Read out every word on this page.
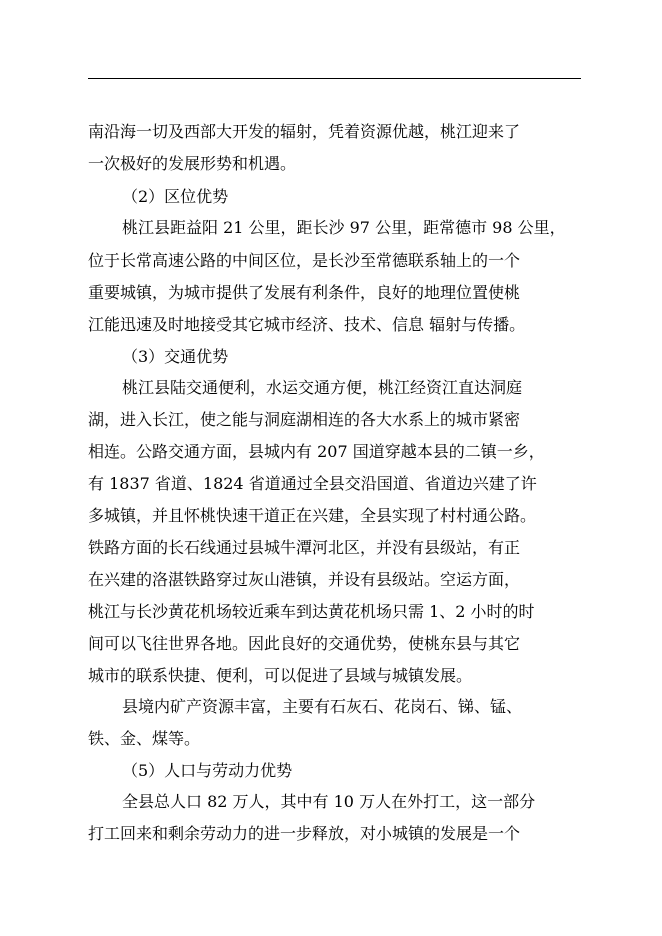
南沿海一切及西部大开发的辐射，凭着资源优越，桃江迎来了
一次极好的发展形势和机遇。
（2）区位优势
桃江县距益阳 21 公里，距长沙 97 公里，距常德市 98 公里，
位于长常高速公路的中间区位，是长沙至常德联系轴上的一个
重要城镇，为城市提供了发展有利条件，良好的地理位置使桃
江能迅速及时地接受其它城市经济、技术、信息 辐射与传播。
（3）交通优势
桃江县陆交通便利，水运交通方便，桃江经资江直达洞庭
湖，进入长江，使之能与洞庭湖相连的各大水系上的城市紧密
相连。公路交通方面，县城内有 207 国道穿越本县的二镇一乡，
有 1837 省道、1824 省道通过全县交沿国道、省道边兴建了许
多城镇，并且怀桃快速干道正在兴建，全县实现了村村通公路。
铁路方面的长石线通过县城牛潭河北区，并没有县级站，有正
在兴建的洛湛铁路穿过灰山港镇，并设有县级站。空运方面，
桃江与长沙黄花机场较近乘车到达黄花机场只需 1、2 小时的时
间可以飞往世界各地。因此良好的交通优势，使桃东县与其它
城市的联系快捷、便利，可以促进了县域与城镇发展。
县境内矿产资源丰富，主要有石灰石、花岗石、锑、锰、
铁、金、煤等。
（5）人口与劳动力优势
全县总人口 82 万人，其中有 10 万人在外打工，这一部分
打工回来和剩余劳动力的进一步释放，对小城镇的发展是一个
